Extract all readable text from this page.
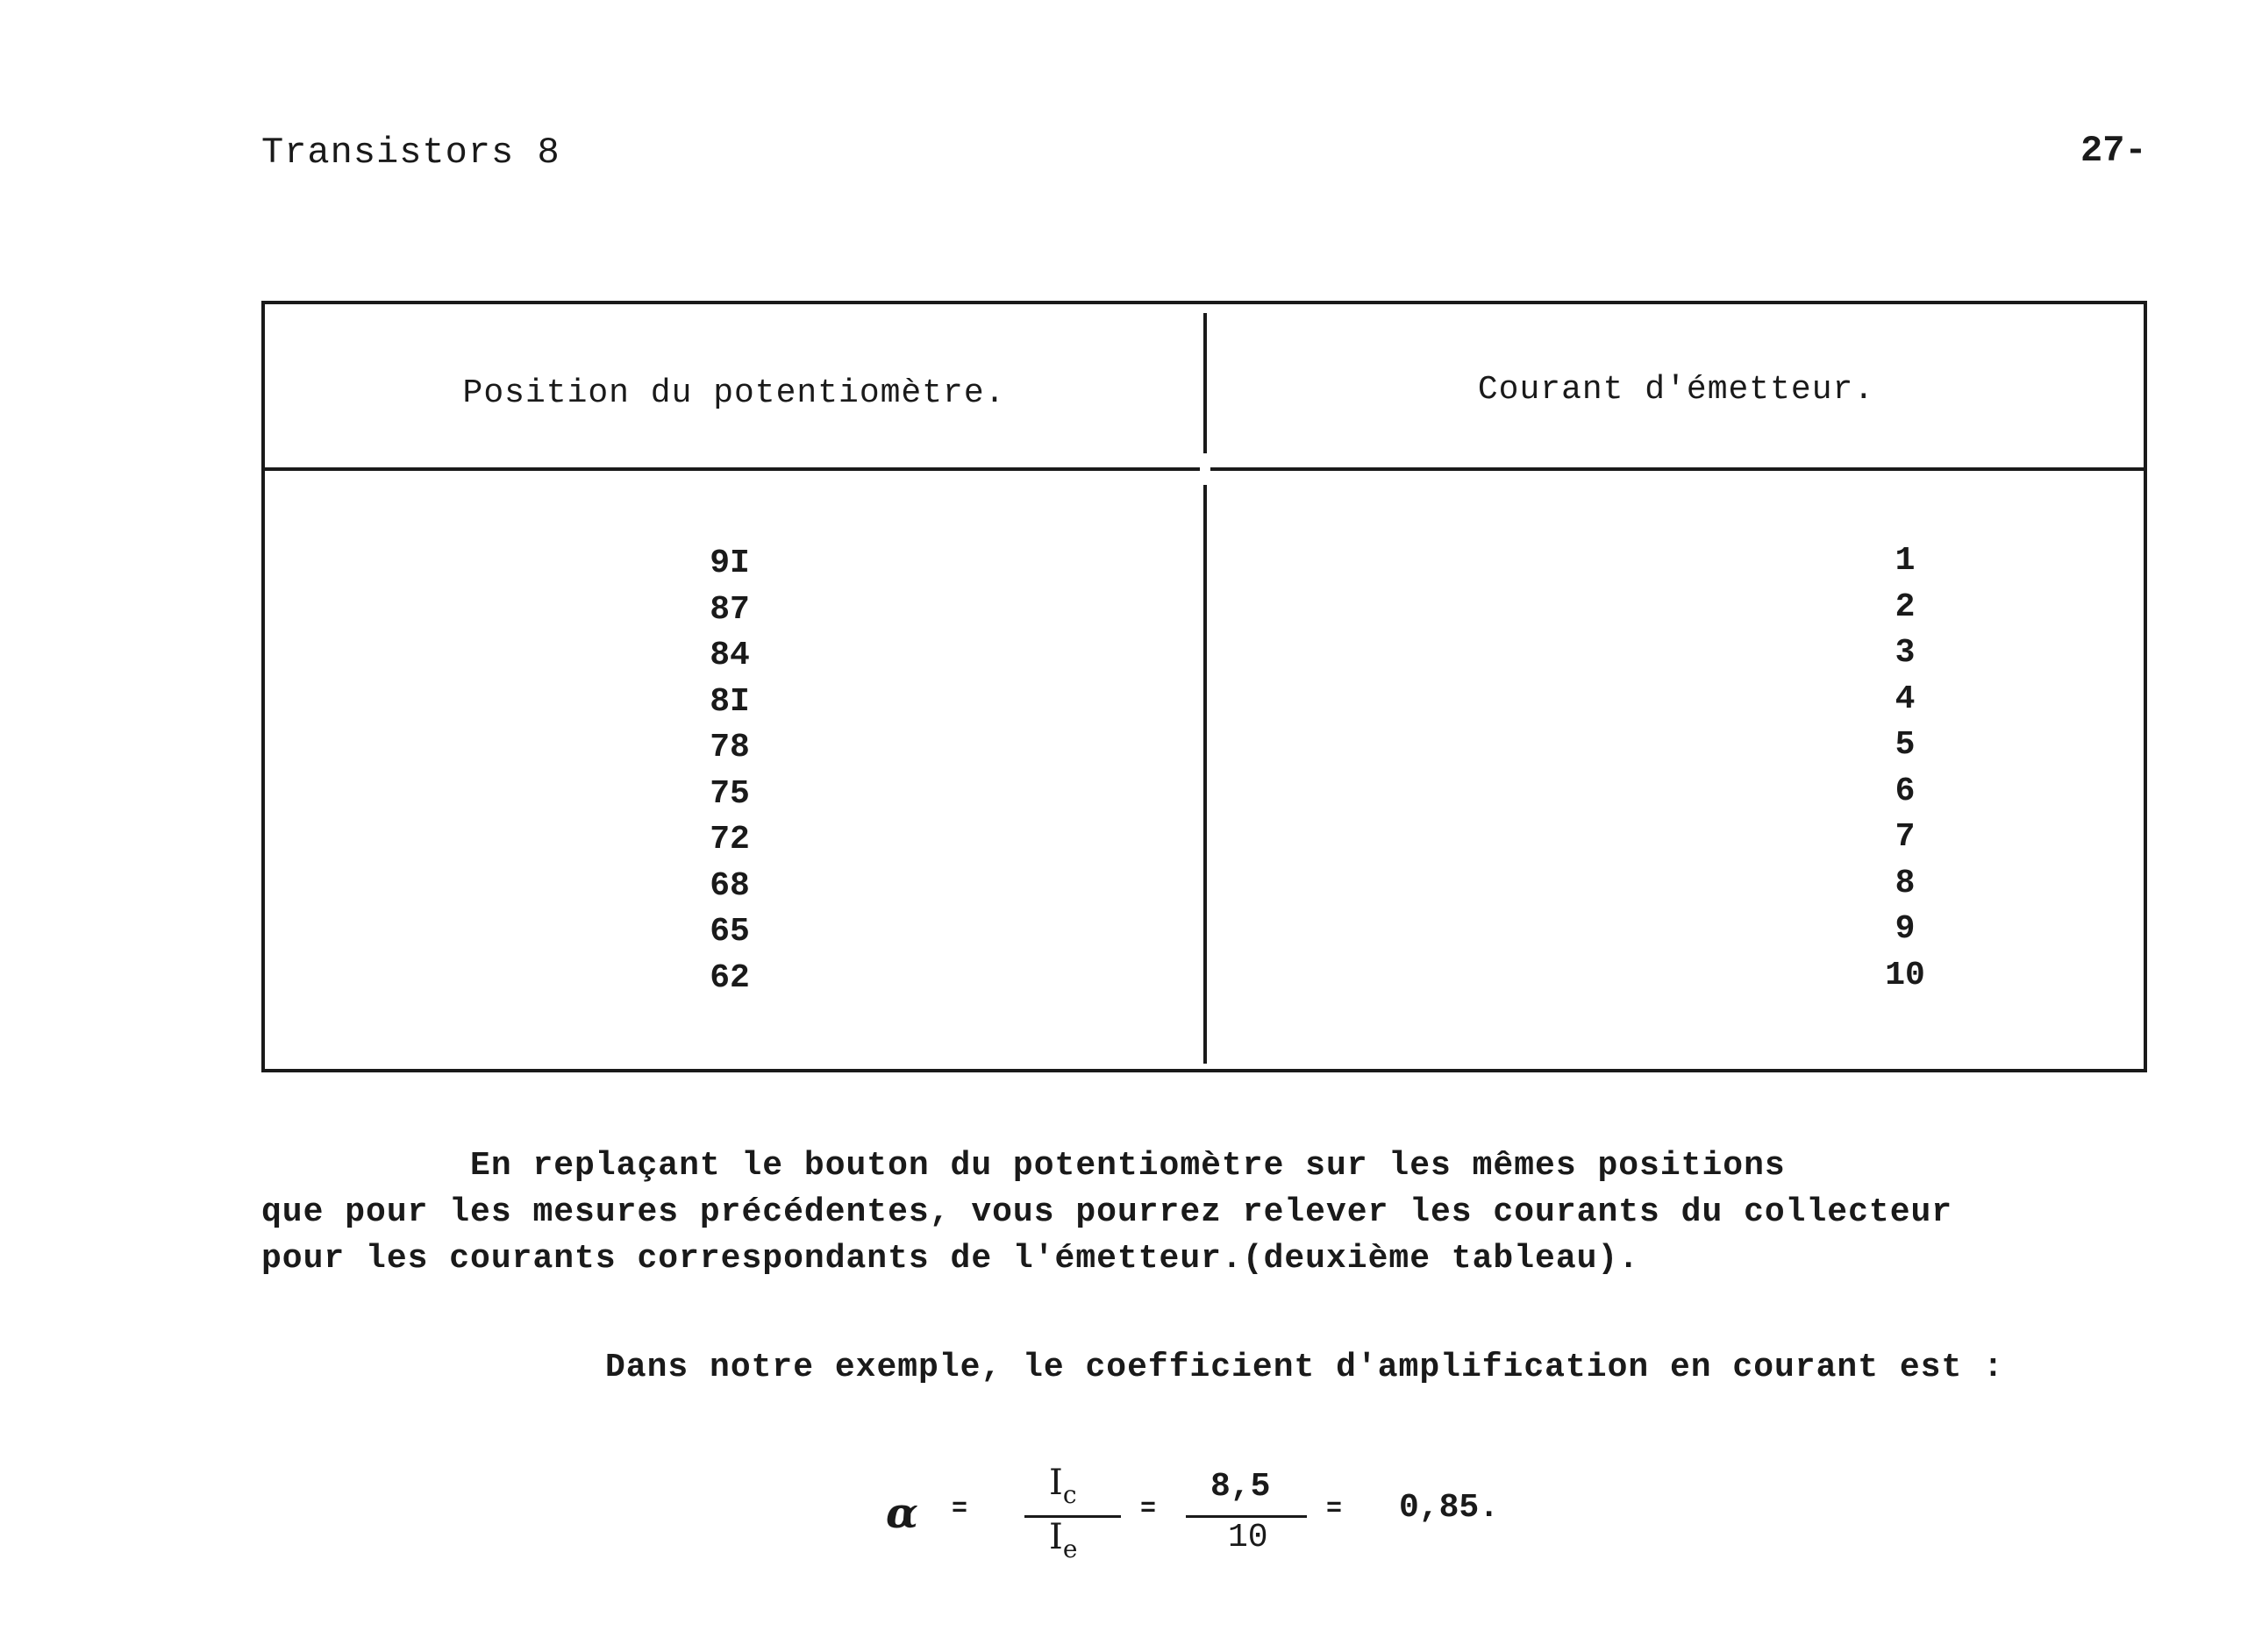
Transistors 8	27-
Position du potentiomètre.	Courant d'émetteur.
9I
87
84
8I
78
75
72
68
65
62
1
2
3
4
5
6
7
8
9
10
En replaçant le bouton du potentiomètre sur les mêmes positions
que pour les mesures précédentes, vous pourrez relever les courants du collecteur
pour les courants correspondants de l'émetteur.(deuxième tableau).
Dans notre exemple, le coefficient d'amplification en courant est :
α =
$I_c$
$I_e$
=
8,5
10
= 0,85.
